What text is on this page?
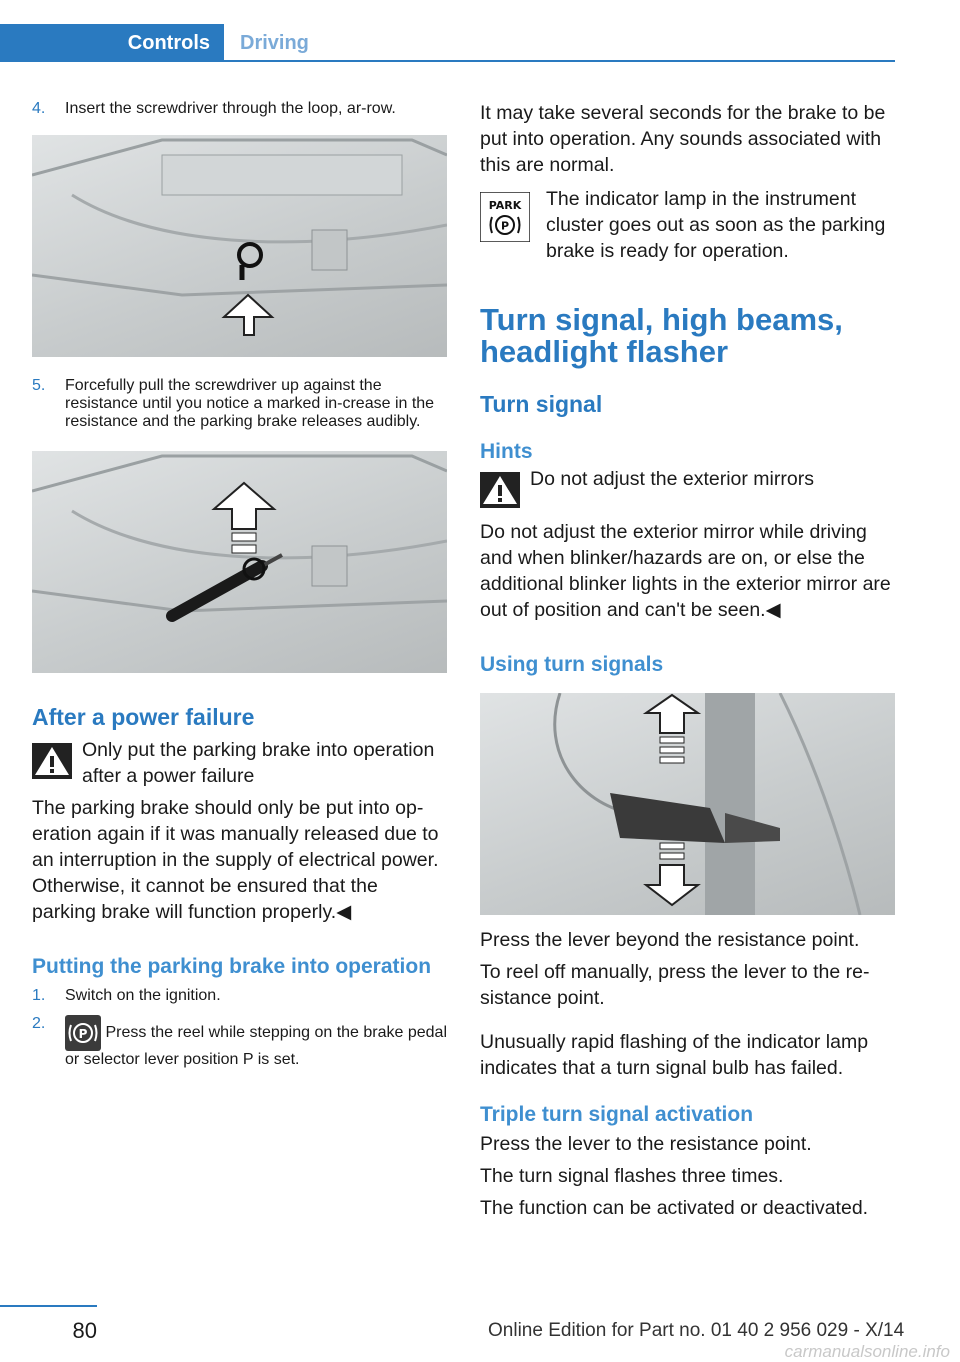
Controls	Driving
4.	Insert the screwdriver through the loop, ar‐row.
5.	Forcefully pull the screwdriver up against the resistance until you notice a marked in‐crease in the resistance and the parking brake releases audibly.
After a power failure

Only put the parking brake into operation after a power failure

The parking brake should only be put into op‐eration again if it was manually released due to an interruption in the supply of electrical power. Otherwise, it cannot be ensured that the parking brake will function properly.◀

Putting the parking brake into operation
1.	Switch on the ignition.
2.
P Press the reel while stepping on the brake pedal or selector lever position P is set.

It may take several seconds for the brake to be put into operation. Any sounds associated with this are normal.

PARK
P

The indicator lamp in the instrument cluster goes out as soon as the parking brake is ready for operation.

Turn signal, high beams, headlight flasher
Turn signal
Hints

Do not adjust the exterior mirrors

Do not adjust the exterior mirror while driving and when blinker/hazards are on, or else the additional blinker lights in the exterior mirror are out of position and can't be seen.◀

Using turn signals

Press the lever beyond the resistance point.

To reel off manually, press the lever to the re‐sistance point.

Unusually rapid flashing of the indicator lamp indicates that a turn signal bulb has failed.

Triple turn signal activation

Press the lever to the resistance point.

The turn signal flashes three times.

The function can be activated or deactivated.

80	Online Edition for Part no. 01 40 2 956 029 - X/14
carmanualsonline.info
